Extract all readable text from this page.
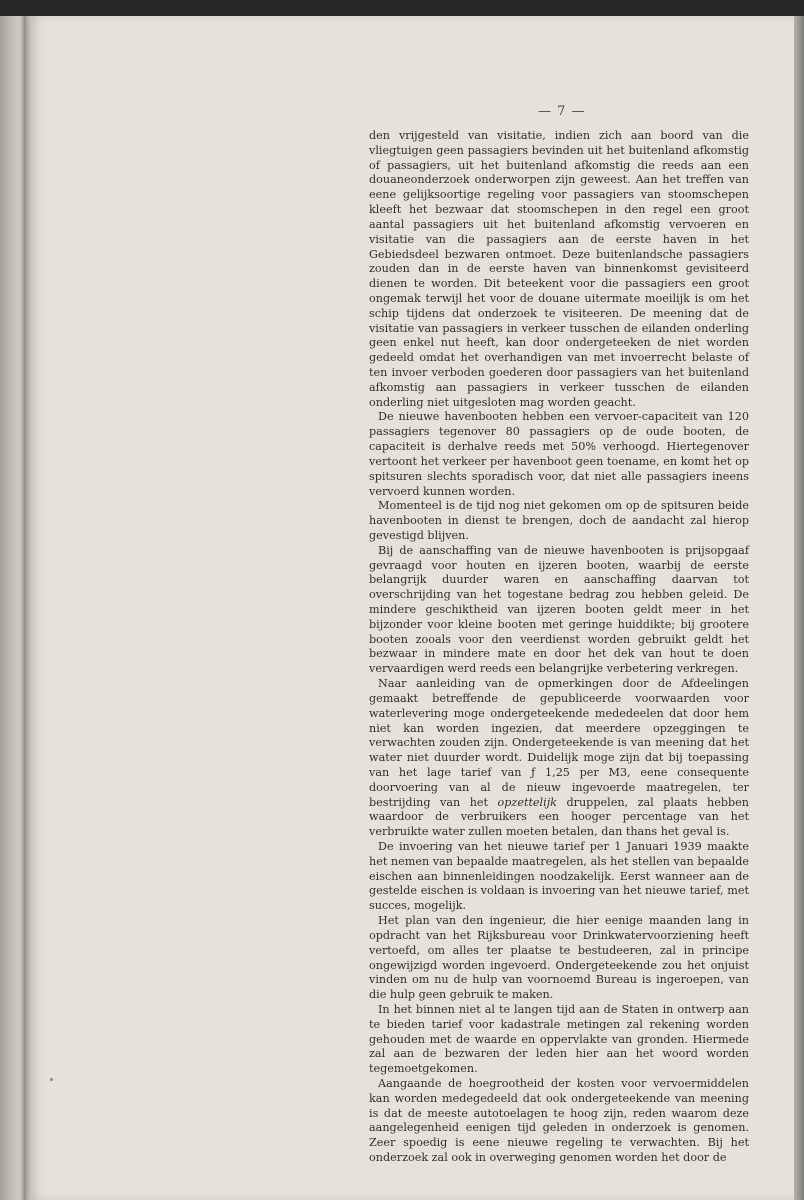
— 7 —

den vrijgesteld van visitatie, indien zich aan boord van die vliegtuigen geen passagiers bevinden uit het buitenland afkomstig of passagiers, uit het buitenland afkomstig die reeds aan een douaneonderzoek onderworpen zijn geweest. Aan het treffen van eene gelijksoortige regeling voor passagiers van stoomschepen kleeft het bezwaar dat stoomschepen in den regel een groot aantal passagiers uit het buitenland afkomstig vervoeren en visitatie van die passagiers aan de eerste haven in het Gebiedsdeel bezwaren ontmoet. Deze buitenlandsche passagiers zouden dan in de eerste haven van binnenkomst gevisiteerd dienen te worden. Dit beteekent voor die passagiers een groot ongemak terwijl het voor de douane uitermate moeilijk is om het schip tijdens dat onderzoek te visiteeren. De meening dat de visitatie van passagiers in verkeer tusschen de eilanden onderling geen enkel nut heeft, kan door ondergeteeken de niet worden gedeeld omdat het overhandigen van met invoerrecht belaste of ten invoer verboden goederen door passagiers van het buitenland afkomstig aan passagiers in verkeer tusschen de eilanden onderling niet uitgesloten mag worden geacht.

De nieuwe havenbooten hebben een vervoer-capaciteit van 120 passagiers tegenover 80 passagiers op de oude booten, de capaciteit is derhalve reeds met 50% verhoogd. Hiertegenover vertoont het verkeer per havenboot geen toename, en komt het op spitsuren slechts sporadisch voor, dat niet alle passagiers ineens vervoerd kunnen worden.

Momenteel is de tijd nog niet gekomen om op de spitsuren beide havenbooten in dienst te brengen, doch de aandacht zal hierop gevestigd blijven.

Bij de aanschaffing van de nieuwe havenbooten is prijsopgaaf gevraagd voor houten en ijzeren booten, waarbij de eerste belangrijk duurder waren en aanschaffing daarvan tot overschrijding van het togestane bedrag zou hebben geleid. De mindere geschiktheid van ijzeren booten geldt meer in het bijzonder voor kleine booten met geringe huiddikte; bij grootere booten zooals voor den veerdienst worden gebruikt geldt het bezwaar in mindere mate en door het dek van hout te doen vervaardigen werd reeds een belangrijke verbetering verkregen.

Naar aanleiding van de opmerkingen door de Afdeelingen gemaakt betreffende de gepubliceerde voorwaarden voor waterlevering moge ondergeteekende mededeelen dat door hem niet kan worden ingezien, dat meerdere opzeggingen te verwachten zouden zijn. Ondergeteekende is van meening dat het water niet duurder wordt. Duidelijk moge zijn dat bij toepassing van het lage tarief van ƒ 1,25 per M3, eene consequente doorvoering van al de nieuw ingevoerde maatregelen, ter bestrijding van het opzettelijk druppelen, zal plaats hebben waardoor de verbruikers een hooger percentage van het verbruikte water zullen moeten betalen, dan thans het geval is.

De invoering van het nieuwe tarief per 1 Januari 1939 maakte het nemen van bepaalde maatregelen, als het stellen van bepaalde eischen aan binnenleidingen noodzakelijk. Eerst wanneer aan de gestelde eischen is voldaan is invoering van het nieuwe tarief, met succes, mogelijk.

Het plan van den ingenieur, die hier eenige maanden lang in opdracht van het Rijksbureau voor Drinkwatervoorziening heeft vertoefd, om alles ter plaatse te bestudeeren, zal in principe ongewijzigd worden ingevoerd. Ondergeteekende zou het onjuist vinden om nu de hulp van voornoemd Bureau is ingeroepen, van die hulp geen gebruik te maken.

In het binnen niet al te langen tijd aan de Staten in ontwerp aan te bieden tarief voor kadastrale metingen zal rekening worden gehouden met de waarde en oppervlakte van gronden. Hiermede zal aan de bezwaren der leden hier aan het woord worden tegemoetgekomen.

Aangaande de hoegrootheid der kosten voor vervoermiddelen kan worden medegedeeld dat ook ondergeteekende van meening is dat de meeste autotoelagen te hoog zijn, reden waarom deze aangelegenheid eenigen tijd geleden in onderzoek is genomen. Zeer spoedig is eene nieuwe regeling te verwachten. Bij het onderzoek zal ook in overweging genomen worden het door de
